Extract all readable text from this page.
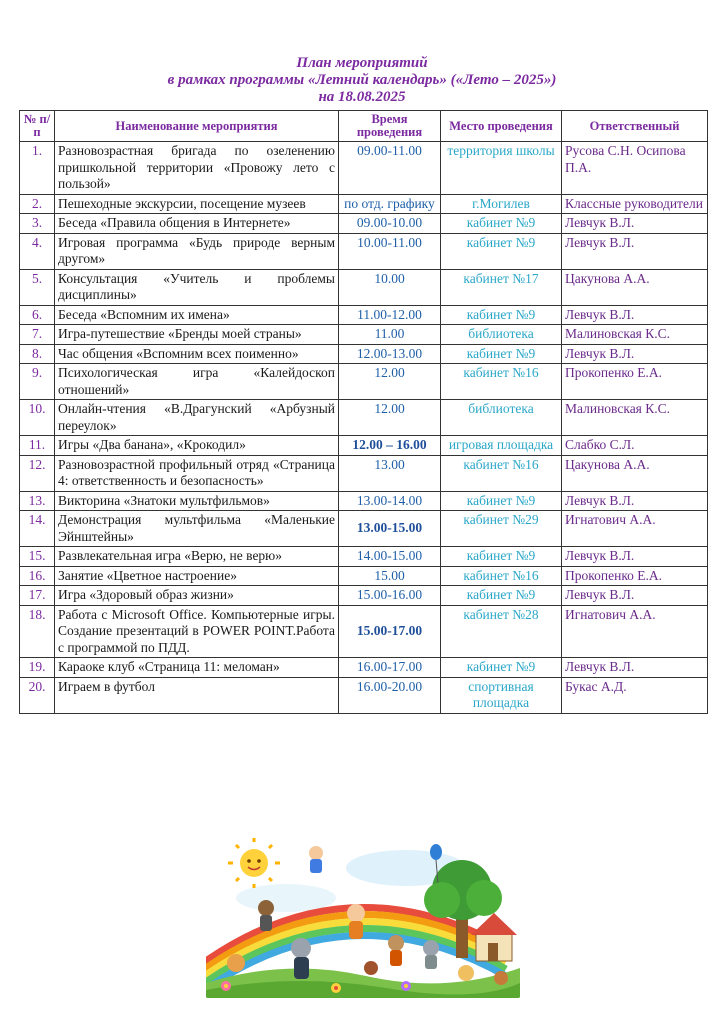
План мероприятий
в рамках программы «Летний календарь» («Лето – 2025»)
на 18.08.2025
№ п/п	Наименование мероприятия	Время проведения	Место проведения	Ответственный
1.	Разновозрастная бригада по озеленению пришкольной территории «Провожу лето с пользой»	09.00-11.00	территория школы	Русова С.Н. Осипова П.А.
2.	Пешеходные экскурсии, посещение музеев	по отд. графику	г.Могилев	Классные руководители
3.	Беседа «Правила общения в Интернете»	09.00-10.00	кабинет №9	Левчук В.Л.
4.	Игровая программа «Будь природе верным другом»	10.00-11.00	кабинет №9	Левчук В.Л.
5.	Консультация «Учитель и проблемы дисциплины»	10.00	кабинет №17	Цакунова А.А.
6.	Беседа «Вспомним их имена»	11.00-12.00	кабинет №9	Левчук В.Л.
7.	Игра-путешествие «Бренды моей страны»	11.00	библиотека	Малиновская К.С.
8.	Час общения «Вспомним всех поименно»	12.00-13.00	кабинет №9	Левчук В.Л.
9.	Психологическая игра «Калейдоскоп отношений»	12.00	кабинет №16	Прокопенко Е.А.
10.	Онлайн-чтения «В.Драгунский «Арбузный переулок»	12.00	библиотека	Малиновская К.С.
11.	Игры «Два банана», «Крокодил»	12.00 – 16.00	игровая площадка	Слабко С.Л.
12.	Разновозрастной профильный отряд «Страница 4: ответственность и безопасность»	13.00	кабинет №16	Цакунова А.А.
13.	Викторина «Знатоки мультфильмов»	13.00-14.00	кабинет №9	Левчук В.Л.
14.	Демонстрация мультфильма «Маленькие Эйнштейны»	13.00-15.00	кабинет №29	Игнатович А.А.
15.	Развлекательная игра «Верю, не верю»	14.00-15.00	кабинет №9	Левчук В.Л.
16.	Занятие «Цветное настроение»	15.00	кабинет №16	Прокопенко Е.А.
17.	Игра «Здоровый образ жизни»	15.00-16.00	кабинет №9	Левчук В.Л.
18.	Работа с Microsoft Office. Компьютерные игры. Создание презентаций в POWER POINT.Работа с программой по ПДД.	15.00-17.00	кабинет №28	Игнатович А.А.
19.	Караоке клуб «Страница 11: меломан»	16.00-17.00	кабинет №9	Левчук В.Л.
20.	Играем в футбол	16.00-20.00	спортивная площадка	Букас А.Д.
